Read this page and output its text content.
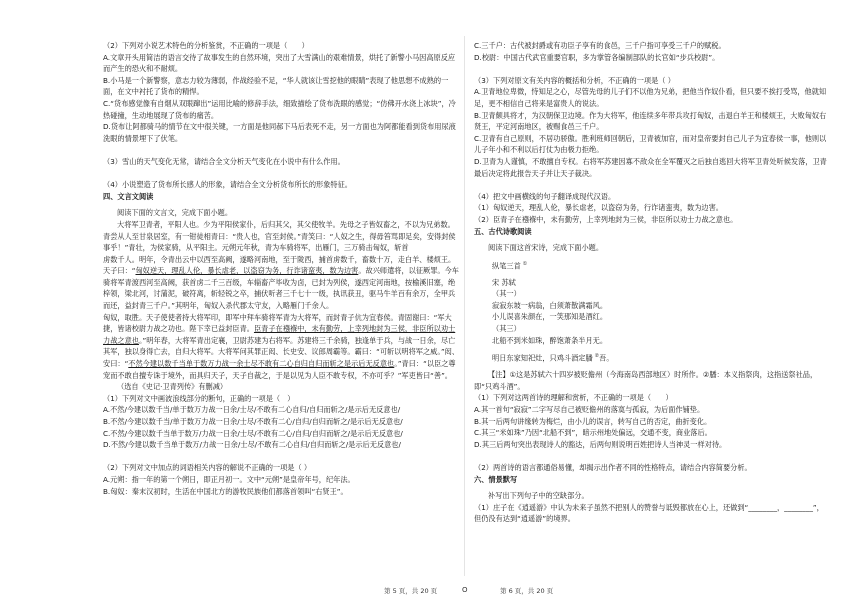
（2）下列对小说艺术特色的分析鉴赏，不正确的一项是（　　）

A.文章开头用简洁的语言交待了故事发生的自然环境，突出了大雪满山的艰难情景，烘托了新警小马因高原反应而产生的恐火和不耐烦。

B.小马是一个新警察，意志力较为薄弱，作战经验不足，“华人就该让雪挖他的眼睛”表现了他思想不成熟的一面，在文中衬托了货布的精悍。

C.“货布感觉像有自烟从双眼蹿出”运用比喻的修辞手法，细致描绘了货布洗眼的感觉；“仿佛开水浇上冰块”，冷热碰撞，生动地展现了货布的痛苦。

D.货布让阿都骑马的情节在文中很关键，一方面是他同郝下马后表死不走，另一方面也为阿都能看到货布用尿液洗眼的情景埋下了伏笔。

（3）雪山的天气变化无常，请结合全文分析天气变化在小说中有什么作用。

（4）小说塑造了货布所长感人的形象，请结合全文分析货布所长的形象特征。

四、文言文阅读

阅读下面的文言文，完成下面小题。

大将军卫青者，平阳人也。少为平阳侯家仆，后归其父，其父使牧羊。先母之子皆奴畜之，不以为兄弟数。青尝从人至甘泉居室，有一钳徒相青曰：“贵人也，官至封侯。”青笑曰：“人奴之生，得毋笞骂即足矣，安得封侯事乎！”青壮，为侯家骑，从平阳主。元朔元年秋，青为车骑将军，出雁门，三万骑击匈奴，斩首

虏数千人。明年，令青出云中以西至高阙，遂略河南地，至于陇西，捕首虏数千，畜数十万，走白羊、楼烦王。天子曰：“匈奴逆天，理乱人伦，暴长虐老，以盗窃为务，行诈诸蛮夷，数为边害。故兴师遣将，以征厥罪。今车骑将军青渡西河至高阙，获首虏二千三百级，车辎畜产毕收为卤，已封为列侯，遂西定河南地，按榆溪旧塞，绝梓领，梁北河，讨蒲泥，破符离，斩轻锐之卒，捕伏听者三千七十一级，执讯获丑，驱马牛羊百有余万，全甲兵而还，益封青三千户。”其明年，匈奴入杀代郡太守友，入略雁门千余人。

匈奴，取胜。天子使使者持大将军印，即军中拜车骑将军青为大将军，而封青子伉为宜春侯。青固谢曰：“军大捷，皆诸校尉力战之功也。陛下幸已益封臣青。臣青子在襁褓中，未有勤劳，上幸列地封为三侯，非臣所以劝士力战之意也。”明年春，大将军青出定襄，卫尉苏建为右将军。苏建将三千余骑，独逢单于兵，与战一日余，尽亡其军，独以身得亡去，自归大将军。大将军问其罪正闳、长史安、议郎周霸等。霸曰：“可斩以明将军之威。”闳、安曰：“不然今建以数千当单于数万力战一余士尽不敢有二心自归自归而斩之是示后无反意也。”青曰：“以臣之尊宠而不敢自擅专诛于境外，而具归天子，天子自裁之，于是以见为人臣不敢专权，不亦可乎？”军吏皆曰“善”。

（选自《史记·卫青列传》有删减）

（1）下列对文中画波浪线部分的断句，正确的一项是（　）

A.不然/今建以数千当/单于数万力战一日余/士尽/不敢有二心自归/自归而斩之/是示后无反意也/

B.不然/今建以数千当/单于数万力战一日余/士尽/不敢有二心/自归/自归而斩之/是示后无反意也/

C.不然/今建以数千当单于数万/力战一日余/士尽/不敢有二心/自归/自归而斩之/是示后无反意也/

D.不然/今建以数千当单于数万/力战一日余/士尽/不敢有二心自归/自归而斩之/是示后无反意也/

（2）下列对文中加点的词语相关内容的解说不正确的一项是（ ）

A.元朔：指一年的第一个朔日，即正月初一。文中“元朔”是皇帝年号，纪年法。

B.匈奴：秦末汉初时，生活在中国北方的游牧民族他们都落首领叫“右贤王”。

C.三千户：古代被封爵或有功臣子享有的食邑，三千户指可享受三千户的赋税。

D.校尉：中国古代武官重要官职，多为掌管各编制部队的长官如“步兵校尉”。

（3）下列对原文有关内容的概括和分析，不正确的一项是（ ）

A.卫青地位卑微，恃知足之心，尽管先母的儿子们不以他为兄弟，把他当作奴仆看，但只要不挨打受骂，他就知足，更不相信自己将来是富贵人的说法。

B.卫青颇具将才，为汉朝保卫边境。作为大将军，他连续多年带兵攻打匈奴，击退白羊王和楼烦王，大败匈奴右贤王，平定河南地区，被赐食邑三千户。

C.卫青有自己原则，不居功骄傲。胜利班师回朝后，卫青被加官，而对皇帝要封自己儿子为宜春侯一事，他则以儿子年小和不利以后打仗为由极力拒绝。

D.卫青为人谨慎，不敢擅自专权。右将军苏建因寡不敌众在全军覆灭之后独自逃回大将军卫青处听候发落，卫青最后决定将此报告天子并让天子裁决。

（4）把文中画横线的句子翻译成现代汉语。

（1）匈奴逆天，理乱人伦，暴长虐老，以盗窃为务，行诈诸蛮夷，数为边害。

（2）臣青子在襁褓中，未有勤劳，上幸列地封为三侯，非臣所以劝士力战之意也。

五、古代诗歌阅读

阅读下面这首宋诗，完成下面小题。

纵笔三首 ①

宋 苏轼

（其一）

寂寂东坡一病翁，白须萧散满霜风。

小儿误喜朱颜在，一笑那知是酒红。

（其三）

北船不到米如珠，醉饱萧条半月无。

明日东家知祀灶，只鸡斗酒定膰 ②吾。

【注】①这是苏轼六十四岁被贬儋州（今海南岛西部地区）时所作。②膰：本义指祭肉，这指送祭社品，即“只鸡斗酒”。

（1）下列对这两首诗的理解和赏析，不正确的一项是（　　）

A.其一首句“寂寂”二字写尽自己被贬儋州的落寞与孤寂，为后面作铺垫。

B.其一后两句讲缘转为梅烂，由小儿的误言，转写自己的否定，曲折变化。

C.其三“米如珠”乃因“北船不到”，暗示州地处偏远，交通不变，商业落后。

D.其三后两句突出表现诗人的豁达，后两句则说明百姓把诗人当神灵一样对待。

（2）两首诗的语言都通俗易懂，却揭示出作者不同的性格特点，请结合内容简要分析。

六、情景默写

补写出下列句子中的空缺部分。

（1）庄子在《逍遥游》中认为未来子虽然不把别人的赞誉与诋毁都放在心上，还做到“________，________”，但仍没有达到“逍遥游”的境界。

第 5 页，共 20 页	O	第 6 页，共 20 页
